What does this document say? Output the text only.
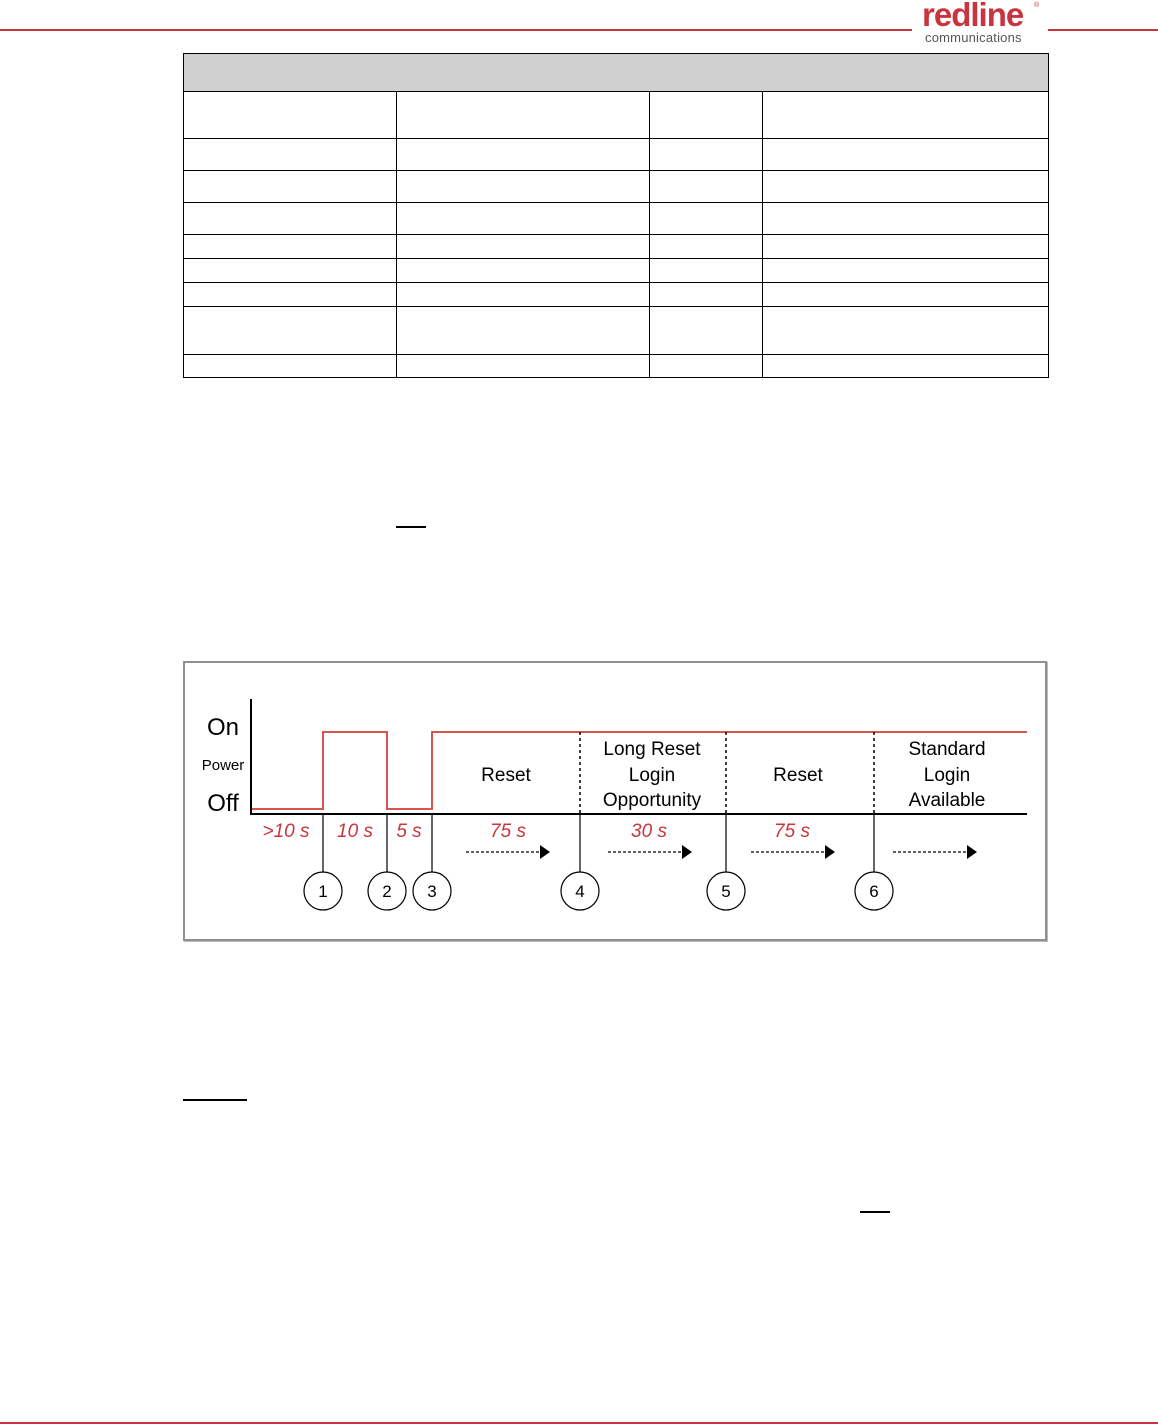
redline ®
communications

1	2 3	4	5	6
On
Power
Off
Reset
Long Reset
Login
Opportunity
Reset
Standard
Login
Available
>10 s 10 s 5 s	75 s	30 s	75 s
